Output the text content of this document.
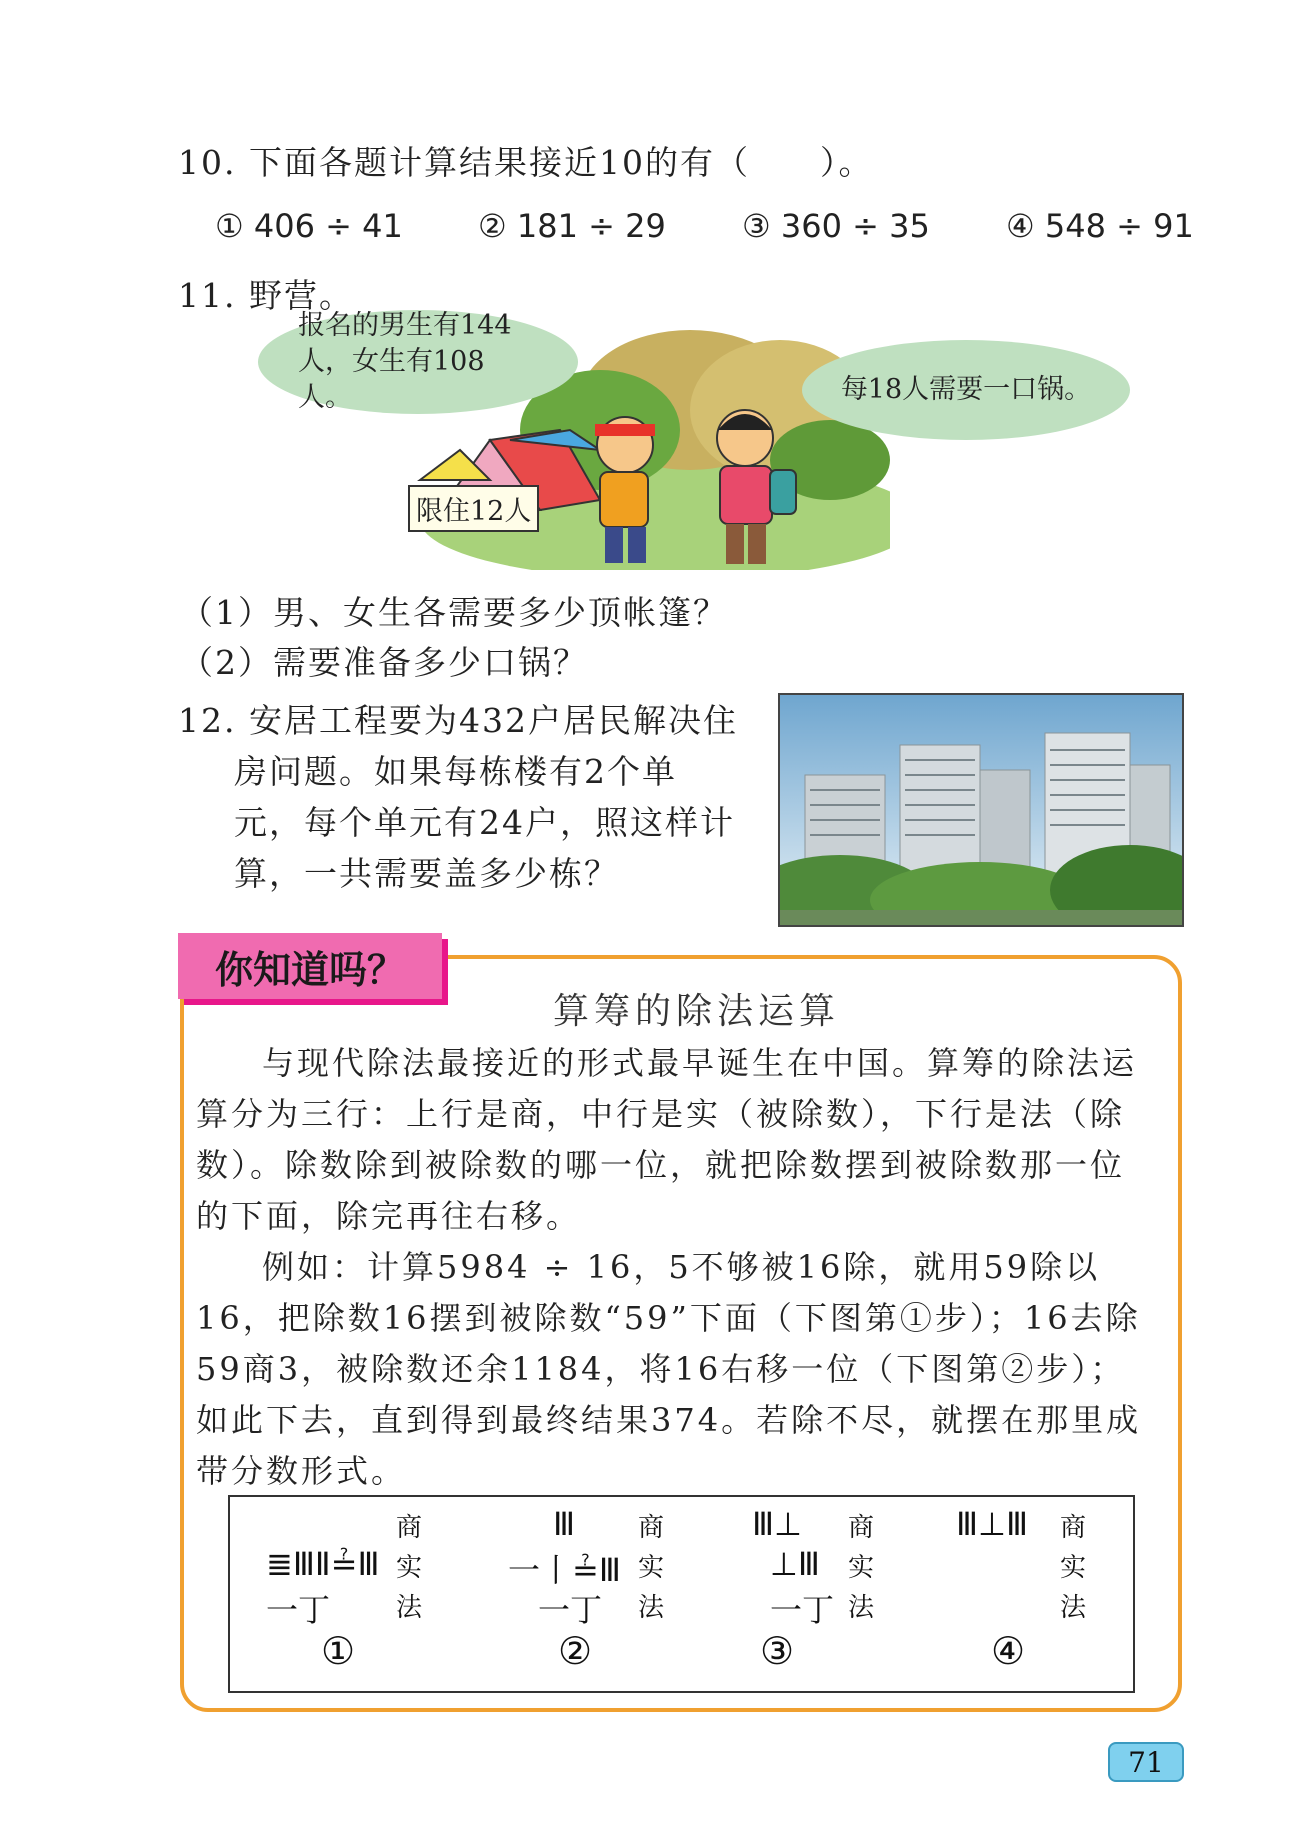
10. 下面各题计算结果接近10的有（　　）。
① 406 ÷ 41 ② 181 ÷ 29 ③ 360 ÷ 35 ④ 548 ÷ 91
11. 野营。
报名的男生有144人，女生有108人。	每18人需要一口锅。
限住12人
（1）男、女生各需要多少顶帐篷？
（2）需要准备多少口锅？
12. 安居工程要为432户居民解决住
房问题。如果每栋楼有2个单
元，每个单元有24户，照这样计
算，一共需要盖多少栋？
你知道吗？
算筹的除法运算
与现代除法最接近的形式最早诞生在中国。算筹的除法运算分为三行：上行是商，中行是实（被除数），下行是法（除数）。除数除到被除数的哪一位，就把除数摆到被除数那一位的下面，除完再往右移。
例如：计算5984 ÷ 16，5不够被16除，就用59除以16，把除数16摆到被除数“59”下面（下图第①步）；16去除59商3，被除数还余1184，将16右移一位（下图第②步）；如此下去，直到得到最终结果374。若除不尽，就摆在那里成带分数形式。
商
≣ⅢⅡ≟Ⅲ 实
一丁	法
①
Ⅲ 商
一丨≟Ⅲ 实
一丁 法
②
Ⅲ⊥ 商
⊥Ⅲ 实
一丁 法
③
Ⅲ⊥Ⅲ 商
实
法
④
71
